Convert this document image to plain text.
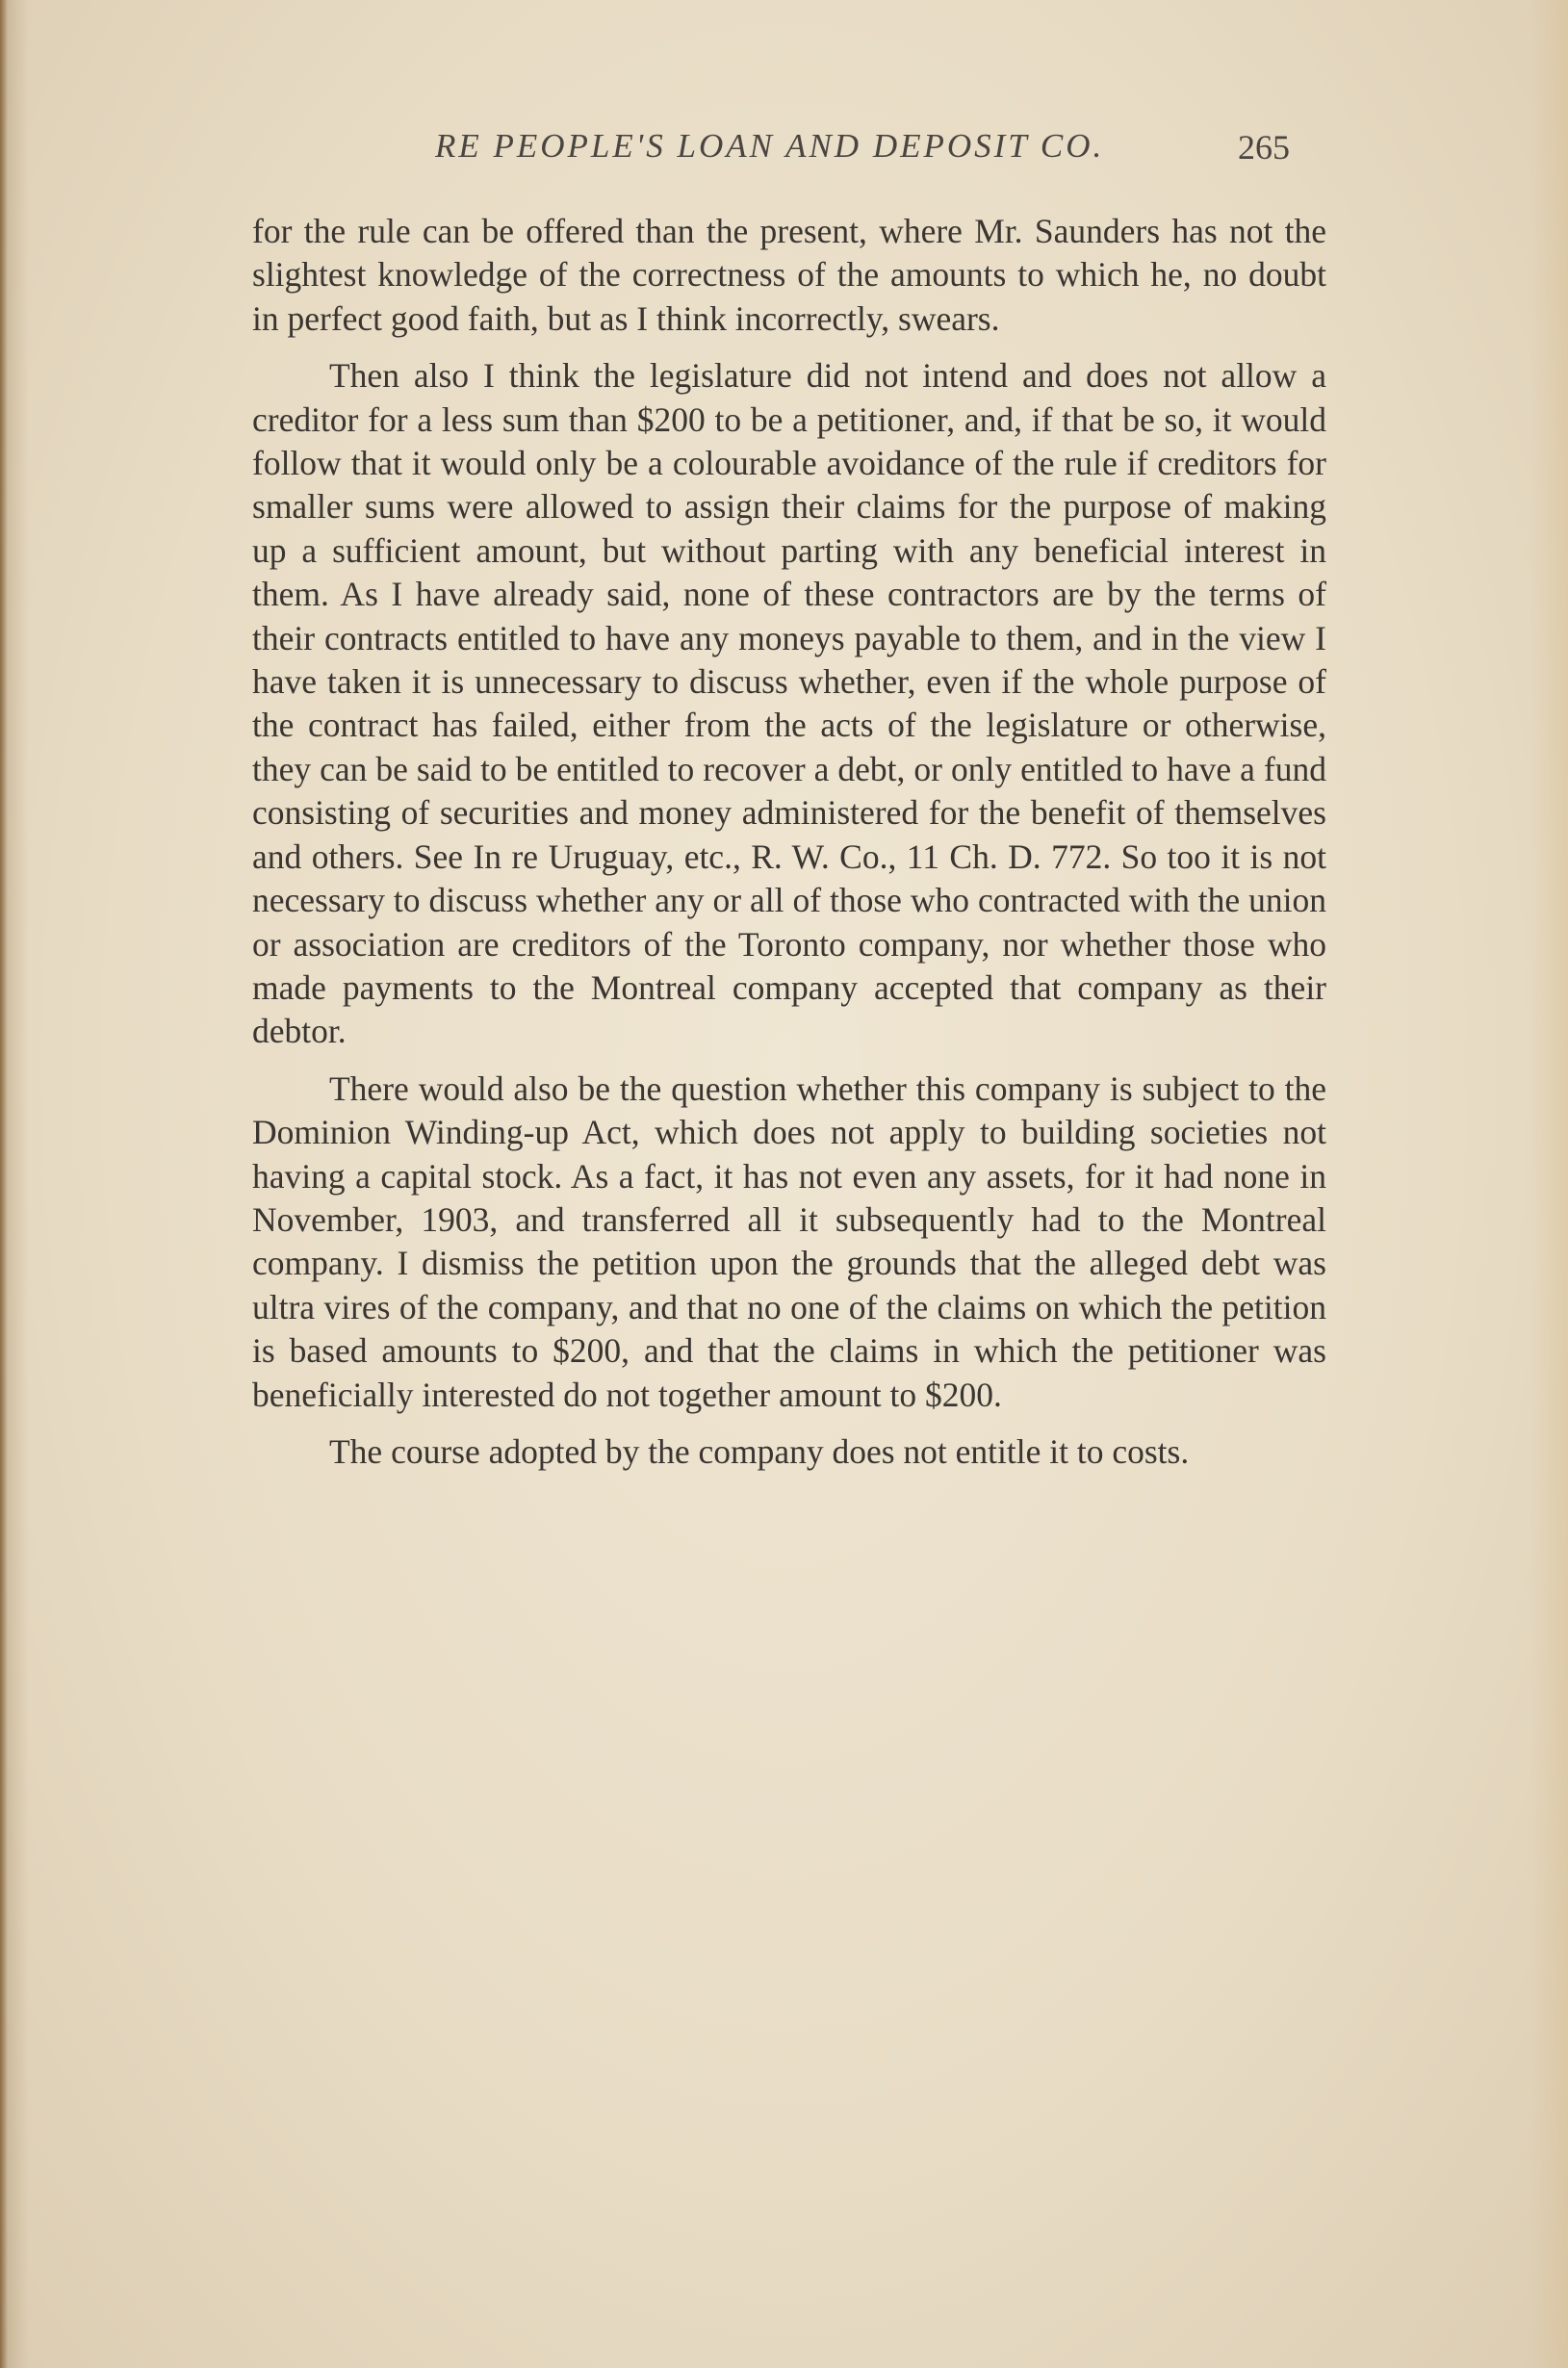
RE PEOPLE'S LOAN AND DEPOSIT CO.	265

for the rule can be offered than the present, where Mr. Saunders has not the slightest knowledge of the correctness of the amounts to which he, no doubt in perfect good faith, but as I think incorrectly, swears.

Then also I think the legislature did not intend and does not allow a creditor for a less sum than $200 to be a petitioner, and, if that be so, it would follow that it would only be a colourable avoidance of the rule if creditors for smaller sums were allowed to assign their claims for the purpose of making up a sufficient amount, but without parting with any beneficial interest in them. As I have already said, none of these contractors are by the terms of their contracts entitled to have any moneys payable to them, and in the view I have taken it is unnecessary to discuss whether, even if the whole purpose of the contract has failed, either from the acts of the legislature or otherwise, they can be said to be entitled to recover a debt, or only entitled to have a fund consisting of securities and money administered for the benefit of themselves and others. See In re Uruguay, etc., R. W. Co., 11 Ch. D. 772. So too it is not necessary to discuss whether any or all of those who contracted with the union or association are creditors of the Toronto company, nor whether those who made payments to the Montreal company accepted that company as their debtor.

There would also be the question whether this company is subject to the Dominion Winding-up Act, which does not apply to building societies not having a capital stock. As a fact, it has not even any assets, for it had none in November, 1903, and transferred all it subsequently had to the Montreal company. I dismiss the petition upon the grounds that the alleged debt was ultra vires of the company, and that no one of the claims on which the petition is based amounts to $200, and that the claims in which the petitioner was beneficially interested do not together amount to $200.

The course adopted by the company does not entitle it to costs.
